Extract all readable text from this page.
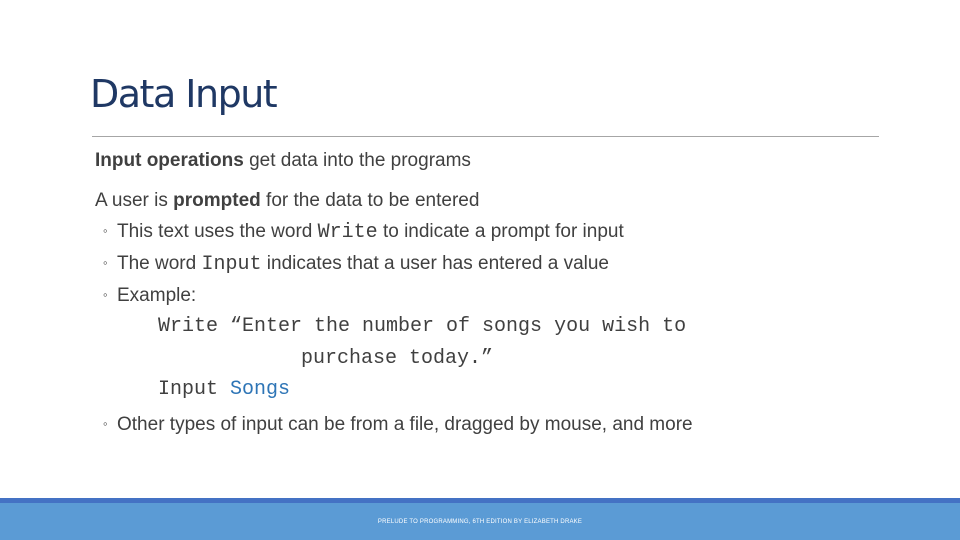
Data Input
Input operations get data into the programs
A user is prompted for the data to be entered
◦ This text uses the word Write to indicate a prompt for input
◦ The word Input indicates that a user has entered a value
◦ Example:
Write “Enter the number of songs you wish to
purchase today.”
Input Songs
◦ Other types of input can be from a file, dragged by mouse, and more
PRELUDE TO PROGRAMMING, 6TH EDITION BY ELIZABETH DRAKE
